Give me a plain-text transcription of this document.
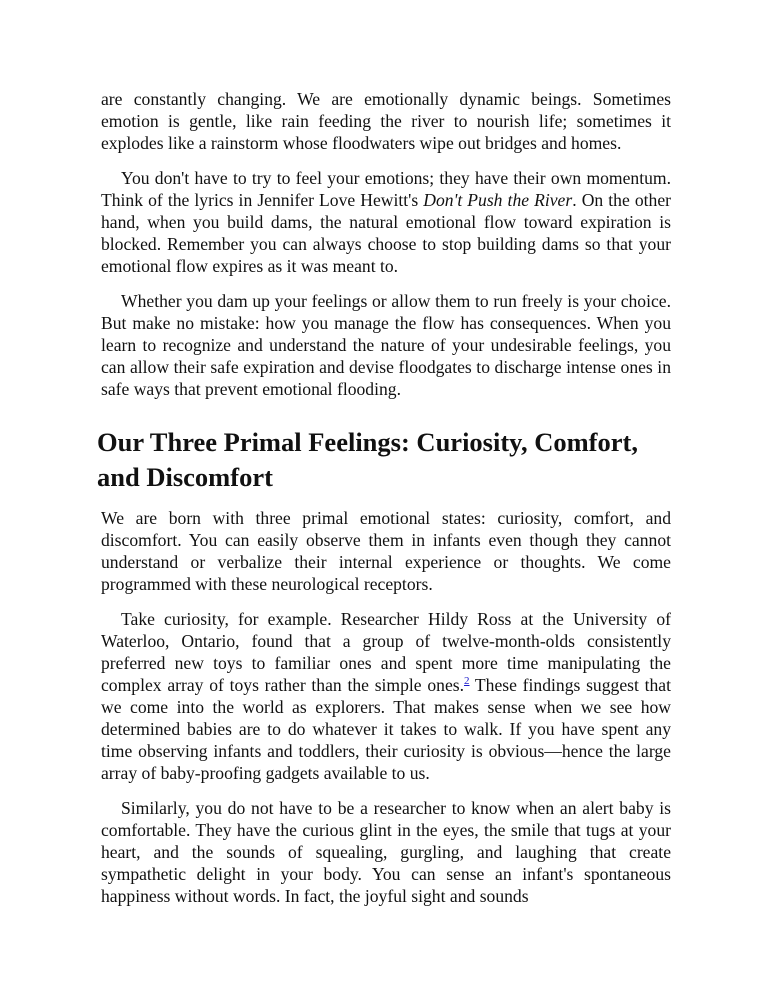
are constantly changing. We are emotionally dynamic beings. Sometimes emotion is gentle, like rain feeding the river to nourish life; sometimes it explodes like a rainstorm whose floodwaters wipe out bridges and homes.

You don't have to try to feel your emotions; they have their own momentum. Think of the lyrics in Jennifer Love Hewitt's Don't Push the River. On the other hand, when you build dams, the natural emotional flow toward expiration is blocked. Remember you can always choose to stop building dams so that your emotional flow expires as it was meant to.

Whether you dam up your feelings or allow them to run freely is your choice. But make no mistake: how you manage the flow has consequences. When you learn to recognize and understand the nature of your undesirable feelings, you can allow their safe expiration and devise floodgates to discharge intense ones in safe ways that prevent emotional flooding.

Our Three Primal Feelings: Curiosity, Comfort, and Discomfort

We are born with three primal emotional states: curiosity, comfort, and discomfort. You can easily observe them in infants even though they cannot understand or verbalize their internal experience or thoughts. We come programmed with these neurological receptors.

Take curiosity, for example. Researcher Hildy Ross at the University of Waterloo, Ontario, found that a group of twelve-month-olds consistently preferred new toys to familiar ones and spent more time manipulating the complex array of toys rather than the simple ones.$^2$ These findings suggest that we come into the world as explorers. That makes sense when we see how determined babies are to do whatever it takes to walk. If you have spent any time observing infants and toddlers, their curiosity is obvious—hence the large array of baby-proofing gadgets available to us.

Similarly, you do not have to be a researcher to know when an alert baby is comfortable. They have the curious glint in the eyes, the smile that tugs at your heart, and the sounds of squealing, gurgling, and laughing that create sympathetic delight in your body. You can sense an infant's spontaneous happiness without words. In fact, the joyful sight and sounds
